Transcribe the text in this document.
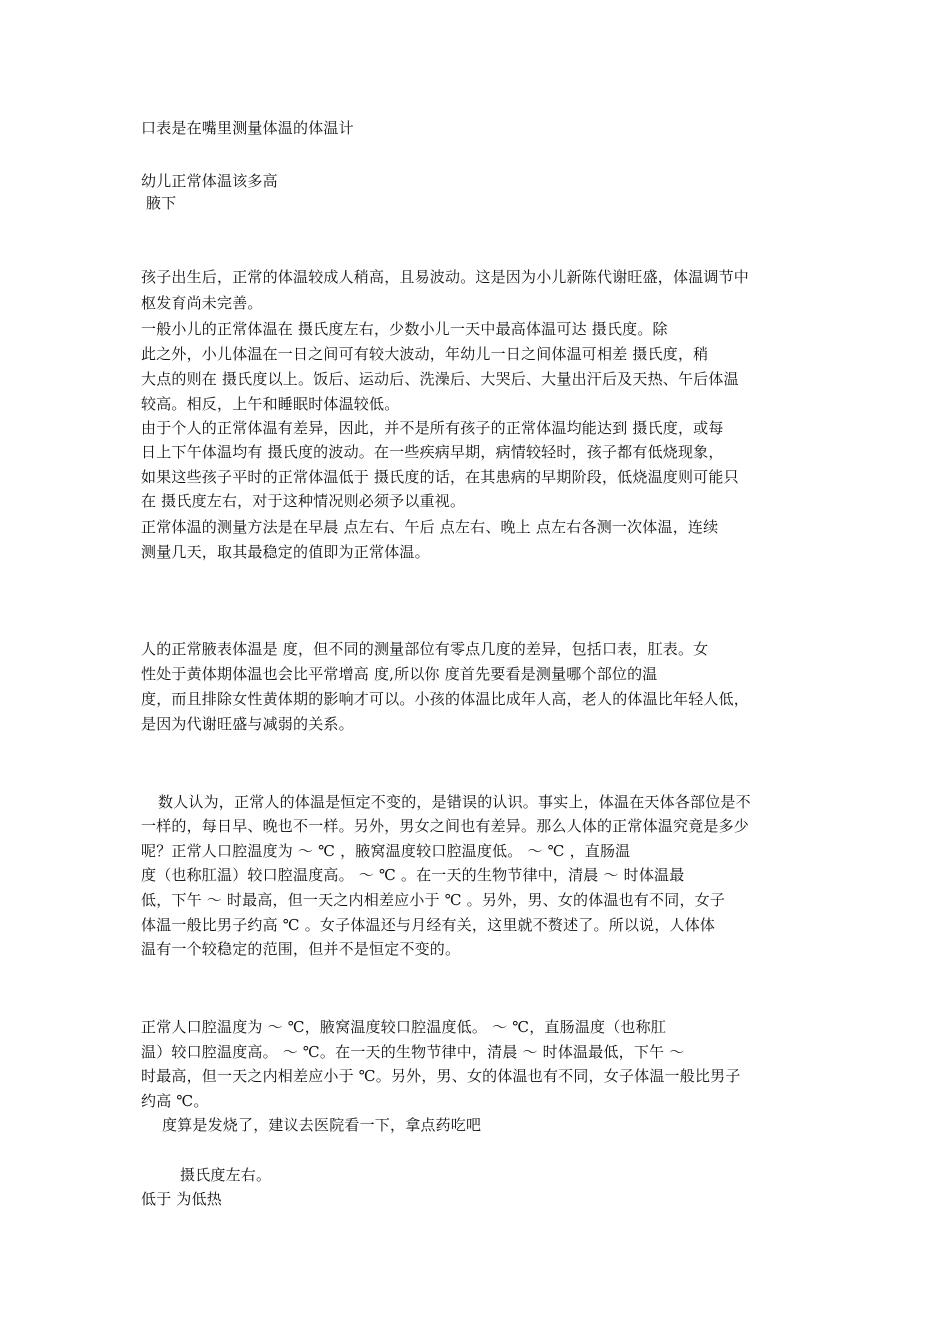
口表是在嘴里测量体温的体温计

幼儿正常体温该多高

腋下

孩子出生后，正常的体温较成人稍高，且易波动。这是因为小儿新陈代谢旺盛，体温调节中

枢发育尚未完善。

一般小儿的正常体温在 摄氏度左右，少数小儿一天中最高体温可达 摄氏度。除

此之外，小儿体温在一日之间可有较大波动，年幼儿一日之间体温可相差 摄氏度，稍

大点的则在 摄氏度以上。饭后、运动后、洗澡后、大哭后、大量出汗后及天热、午后体温

较高。相反，上午和睡眠时体温较低。

由于个人的正常体温有差异，因此，并不是所有孩子的正常体温均能达到 摄氏度，或每

日上下午体温均有 摄氏度的波动。在一些疾病早期，病情较轻时，孩子都有低烧现象，

如果这些孩子平时的正常体温低于 摄氏度的话，在其患病的早期阶段，低烧温度则可能只

在 摄氏度左右，对于这种情况则必须予以重视。

正常体温的测量方法是在早晨 点左右、午后 点左右、晚上 点左右各测一次体温，连续

测量几天，取其最稳定的值即为正常体温。

人的正常腋表体温是 度，但不同的测量部位有零点几度的差异，包括口表，肛表。女

性处于黄体期体温也会比平常增高 度,所以你 度首先要看是测量哪个部位的温

度，而且排除女性黄体期的影响才可以。小孩的体温比成年人高，老人的体温比年轻人低，

是因为代谢旺盛与减弱的关系。

数人认为，正常人的体温是恒定不变的，是错误的认识。事实上，体温在天体各部位是不

一样的，每日早、晚也不一样。另外，男女之间也有差异。那么人体的正常体温究竟是多少

呢？正常人口腔温度为 ～ ℃ ，腋窝温度较口腔温度低。 ～ ℃ ，直肠温

度（也称肛温）较口腔温度高。 ～ ℃ 。在一天的生物节律中，清晨 ～ 时体温最

低，下午 ～ 时最高，但一天之内相差应小于 ℃ 。另外，男、女的体温也有不同，女子

体温一般比男子约高 ℃ 。女子体温还与月经有关，这里就不赘述了。所以说，人体体

温有一个较稳定的范围，但并不是恒定不变的。

正常人口腔温度为 ～ ℃，腋窝温度较口腔温度低。 ～ ℃，直肠温度（也称肛

温）较口腔温度高。 ～ ℃。在一天的生物节律中，清晨 ～ 时体温最低，下午 ～

时最高，但一天之内相差应小于 ℃。另外，男、女的体温也有不同，女子体温一般比男子

约高 ℃。

度算是发烧了，建议去医院看一下，拿点药吃吧

摄氏度左右。

低于 为低热
